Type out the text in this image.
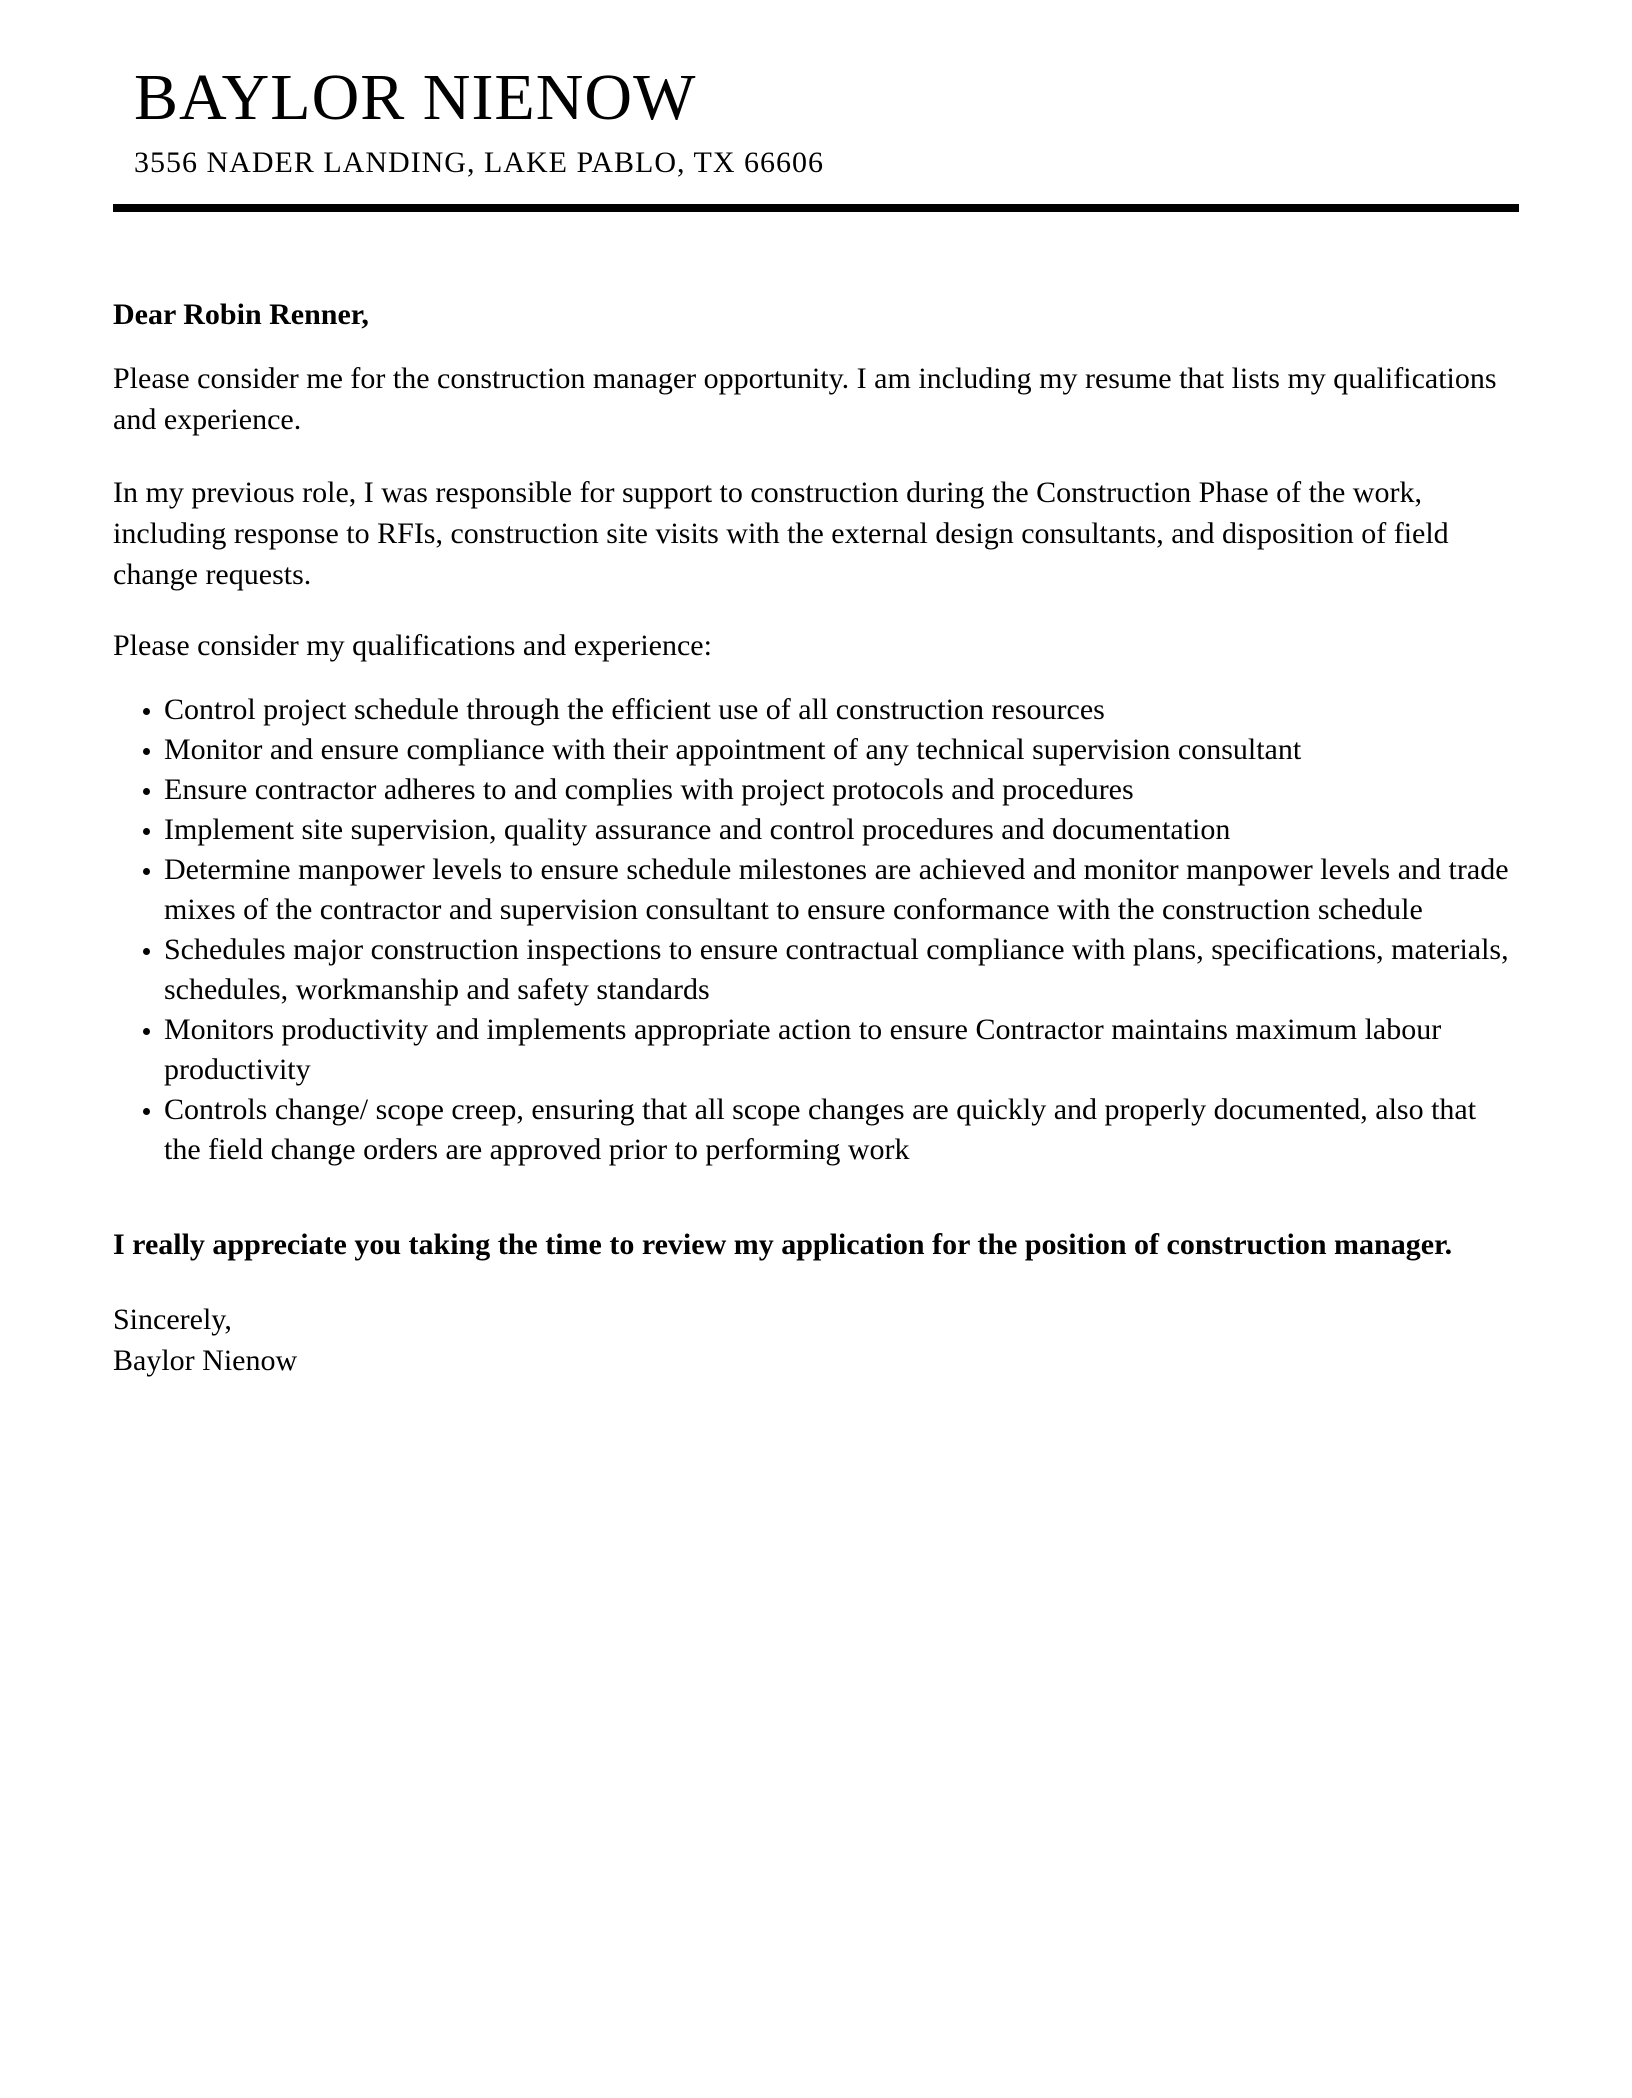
BAYLOR NIENOW
3556 NADER LANDING, LAKE PABLO, TX 66606

Dear Robin Renner,

Please consider me for the construction manager opportunity. I am including my resume that lists my qualifications and experience.

In my previous role, I was responsible for support to construction during the Construction Phase of the work, including response to RFIs, construction site visits with the external design consultants, and disposition of field change requests.

Please consider my qualifications and experience:

• Control project schedule through the efficient use of all construction resources
• Monitor and ensure compliance with their appointment of any technical supervision consultant
• Ensure contractor adheres to and complies with project protocols and procedures
• Implement site supervision, quality assurance and control procedures and documentation
• Determine manpower levels to ensure schedule milestones are achieved and monitor manpower levels and trade mixes of the contractor and supervision consultant to ensure conformance with the construction schedule
• Schedules major construction inspections to ensure contractual compliance with plans, specifications, materials, schedules, workmanship and safety standards
• Monitors productivity and implements appropriate action to ensure Contractor maintains maximum labour productivity
• Controls change/ scope creep, ensuring that all scope changes are quickly and properly documented, also that the field change orders are approved prior to performing work

I really appreciate you taking the time to review my application for the position of construction manager.

Sincerely,

Baylor Nienow
